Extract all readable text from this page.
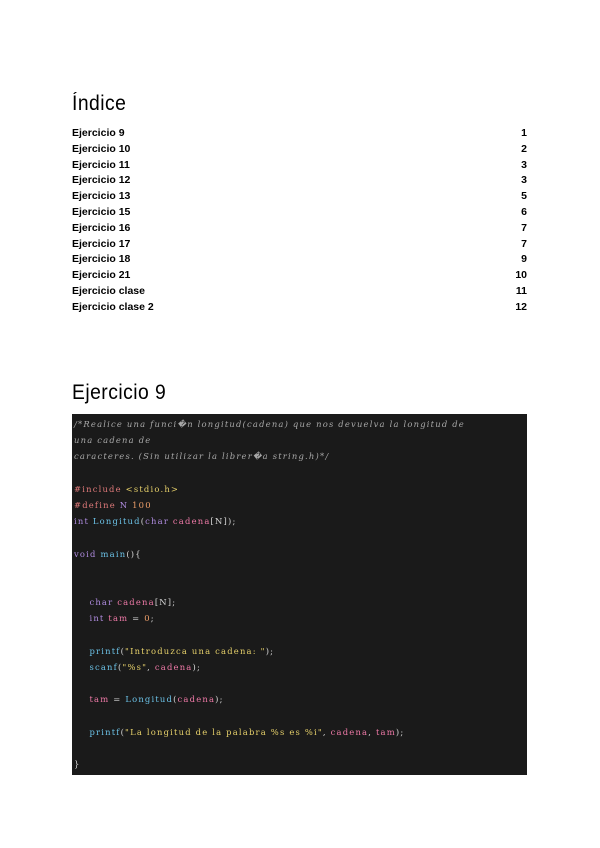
Índice
Ejercicio 9	1
Ejercicio 10	2
Ejercicio 11	3
Ejercicio 12	3
Ejercicio 13	5
Ejercicio 15	6
Ejercicio 16	7
Ejercicio 17	7
Ejercicio 18	9
Ejercicio 21	10
Ejercicio clase	11
Ejercicio clase 2	12
Ejercicio 9
/*Realice una funci�n longitud(cadena) que nos devuelva la longitud de
una cadena de
caracteres. (Sin utilizar la librer�a string.h)*/

#include <stdio.h>
#define N 100
int Longitud(char cadena[N]);

void main(){

char cadena[N];
int tam = 0;

printf("Introduzca una cadena: ");
scanf("%s", cadena);

tam = Longitud(cadena);

printf("La longitud de la palabra %s es %i", cadena, tam);

}
